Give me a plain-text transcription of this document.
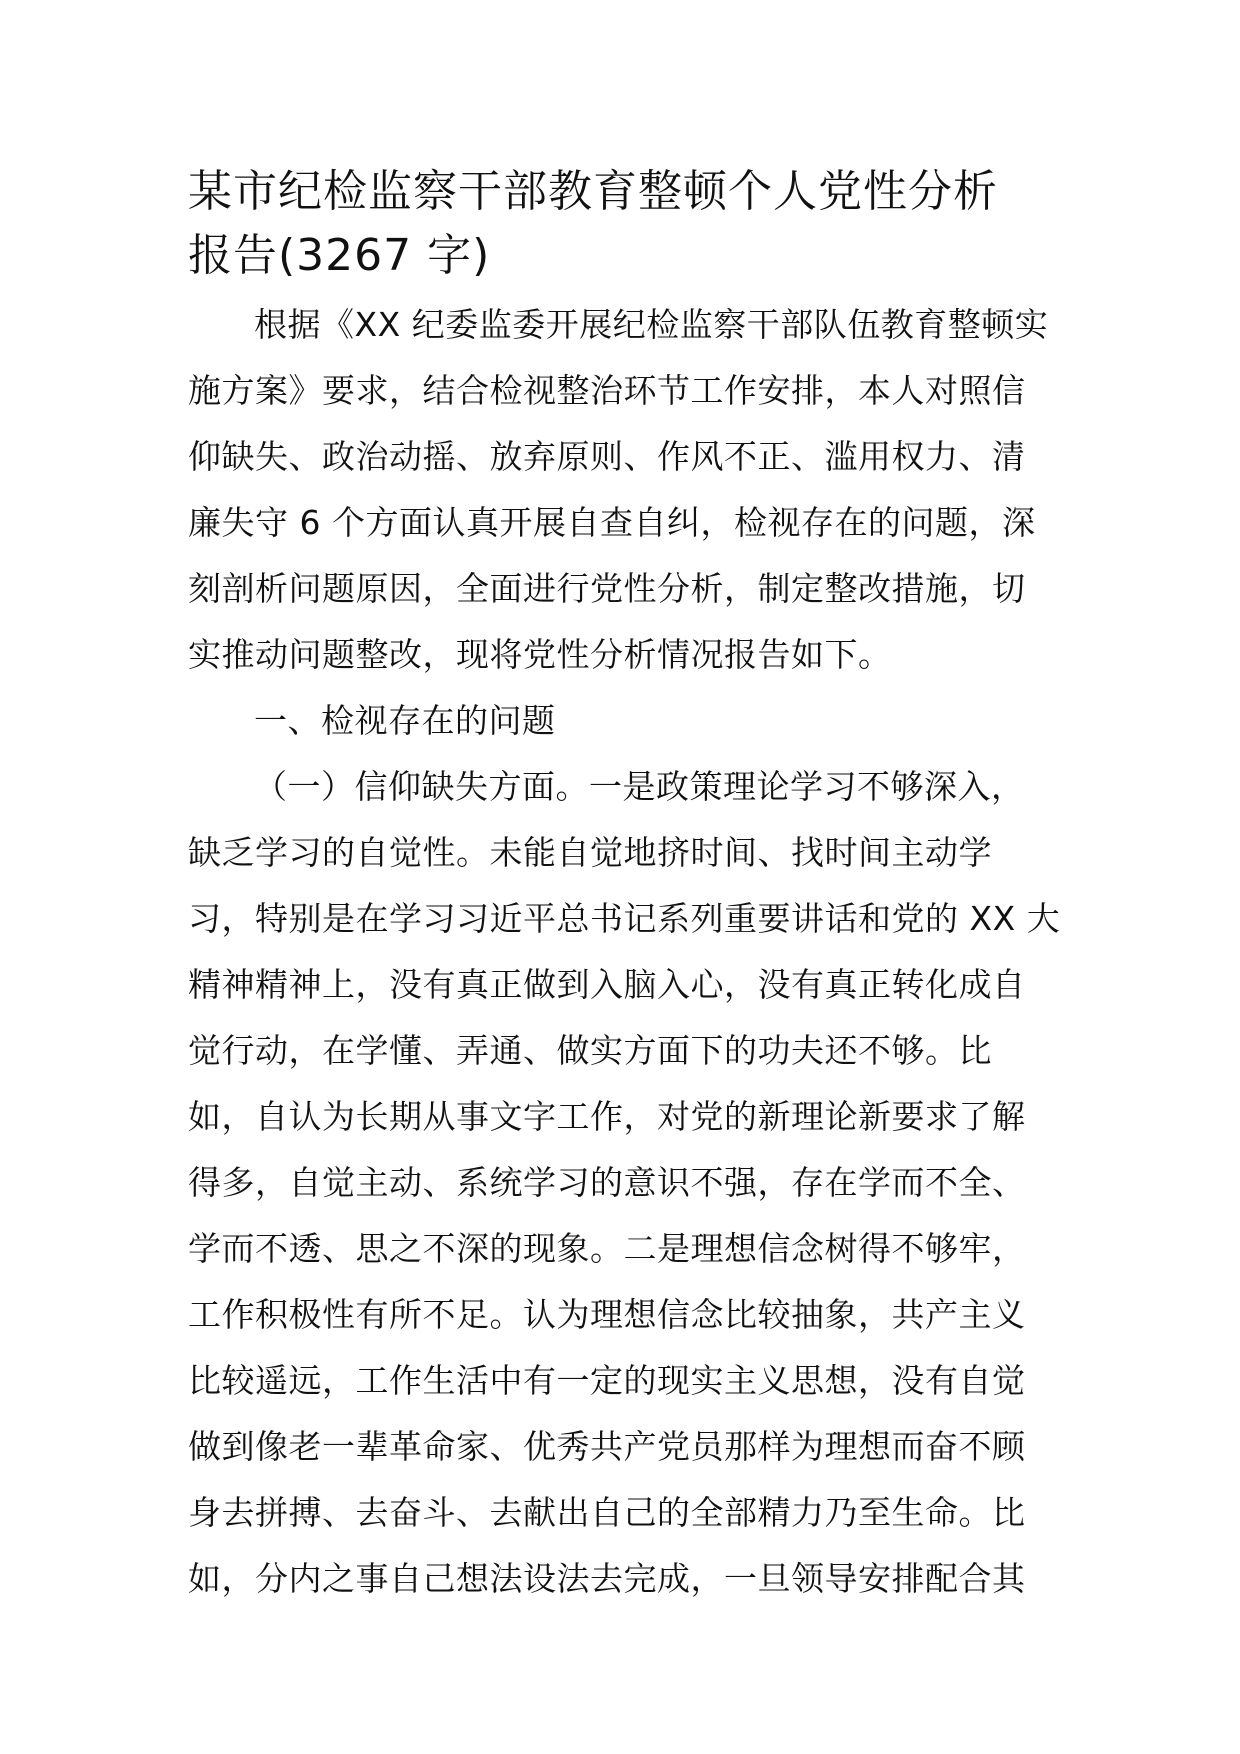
某市纪检监察干部教育整顿个人党性分析
报告(3267 字)
根据《XX 纪委监委开展纪检监察干部队伍教育整顿实
施方案》要求，结合检视整治环节工作安排，本人对照信
仰缺失、政治动摇、放弃原则、作风不正、滥用权力、清
廉失守 6 个方面认真开展自查自纠，检视存在的问题，深
刻剖析问题原因，全面进行党性分析，制定整改措施，切
实推动问题整改，现将党性分析情况报告如下。
一、检视存在的问题
（一）信仰缺失方面。一是政策理论学习不够深入，
缺乏学习的自觉性。未能自觉地挤时间、找时间主动学
习，特别是在学习习近平总书记系列重要讲话和党的 XX 大
精神精神上，没有真正做到入脑入心，没有真正转化成自
觉行动，在学懂、弄通、做实方面下的功夫还不够。比
如，自认为长期从事文字工作，对党的新理论新要求了解
得多，自觉主动、系统学习的意识不强，存在学而不全、
学而不透、思之不深的现象。二是理想信念树得不够牢，
工作积极性有所不足。认为理想信念比较抽象，共产主义
比较遥远，工作生活中有一定的现实主义思想，没有自觉
做到像老一辈革命家、优秀共产党员那样为理想而奋不顾
身去拼搏、去奋斗、去献出自己的全部精力乃至生命。比
如，分内之事自己想法设法去完成，一旦领导安排配合其
